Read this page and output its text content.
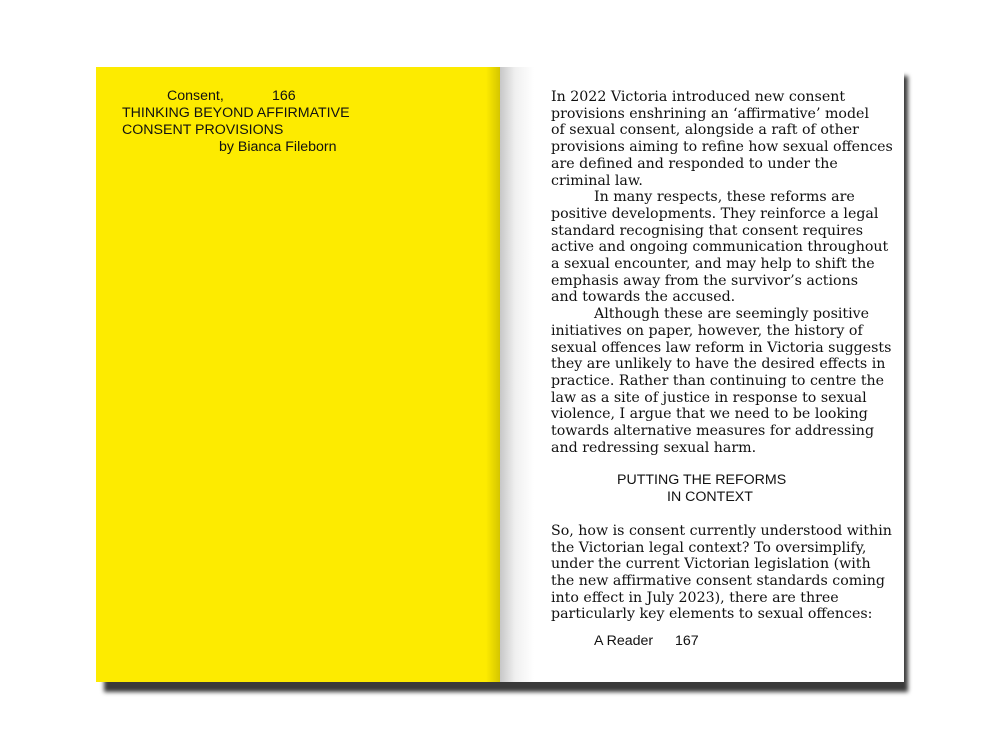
Consent,	166
THINKING BEYOND AFFIRMATIVE
CONSENT PROVISIONS
by Bianca Fileborn

In 2022 Victoria introduced new consent
provisions enshrining an ‘affirmative’ model
of sexual consent, alongside a raft of other
provisions aiming to refine how sexual offences
are defined and responded to under the
criminal law.

In many respects, these reforms are
positive developments. They reinforce a legal
standard recognising that consent requires
active and ongoing communication throughout
a sexual encounter, and may help to shift the
emphasis away from the survivor’s actions
and towards the accused.

Although these are seemingly positive
initiatives on paper, however, the history of
sexual offences law reform in Victoria suggests
they are unlikely to have the desired effects in
practice. Rather than continuing to centre the
law as a site of justice in response to sexual
violence, I argue that we need to be looking
towards alternative measures for addressing
and redressing sexual harm.

PUTTING THE REFORMS
IN CONTEXT

So, how is consent currently understood within
the Victorian legal context? To oversimplify,
under the current Victorian legislation (with
the new affirmative consent standards coming
into effect in July 2023), there are three
particularly key elements to sexual offences:

A Reader 167
